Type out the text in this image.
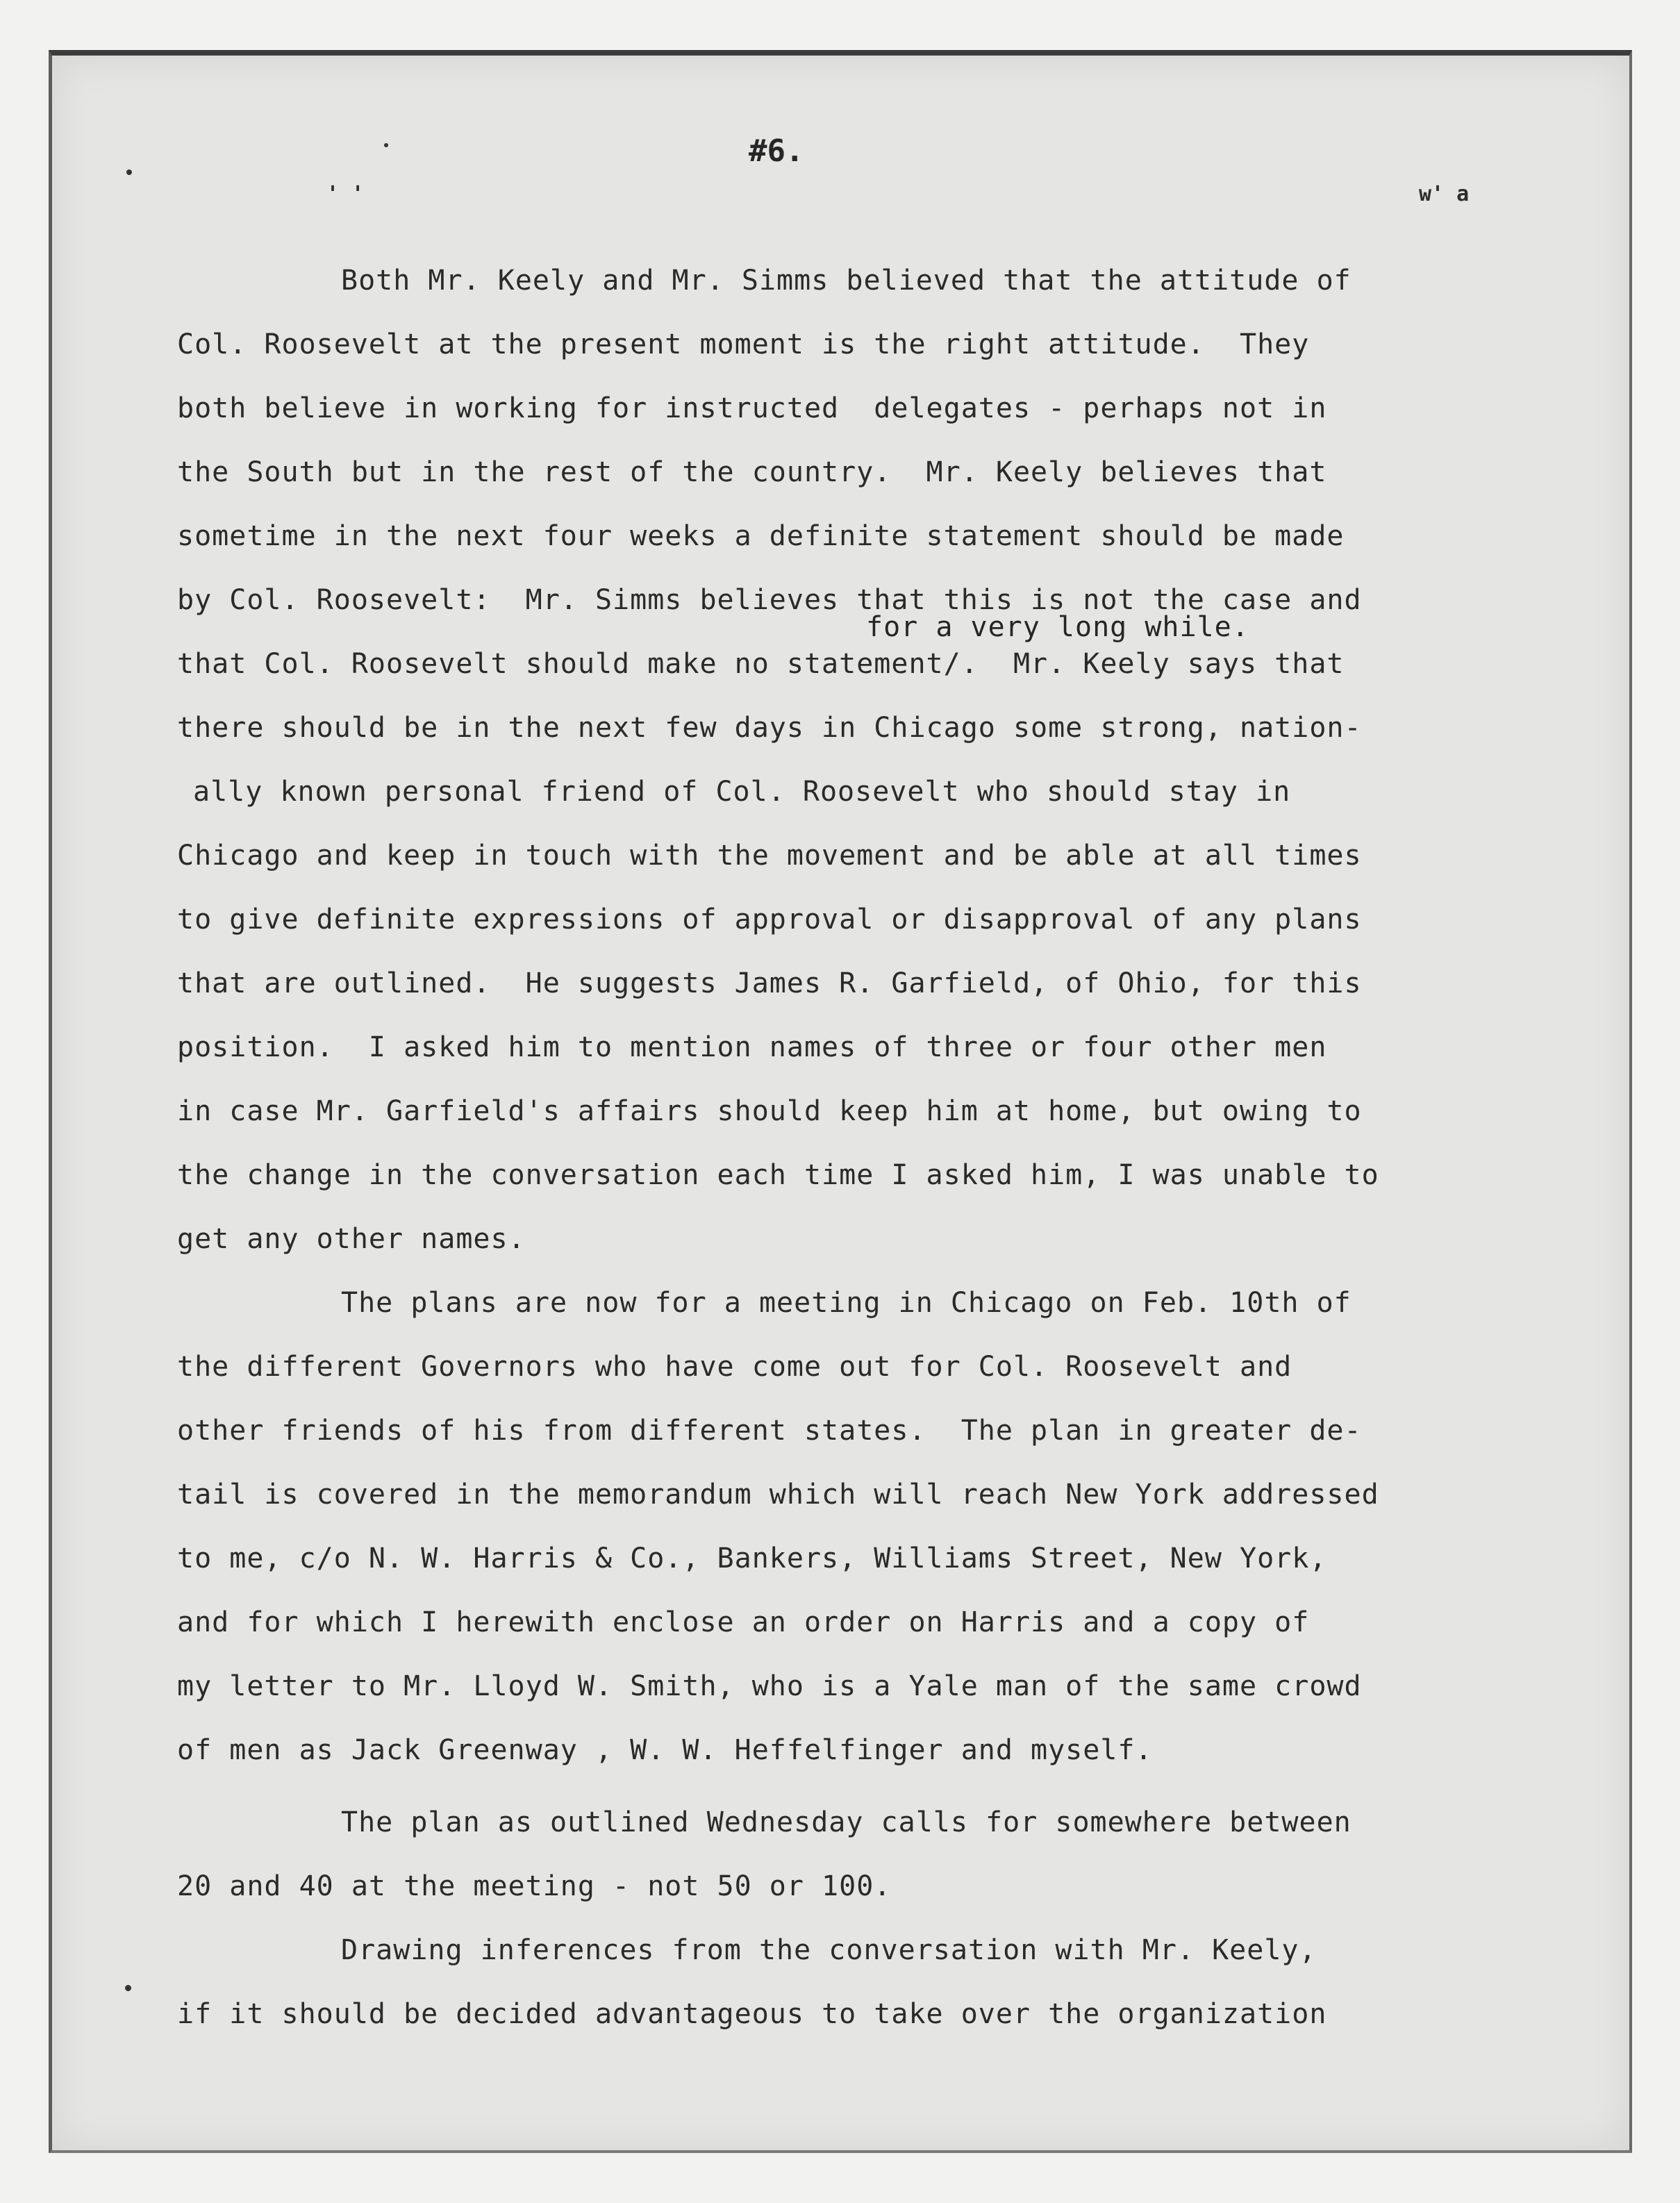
' '	w' a

#6.

for a very long while.

Both Mr. Keely and Mr. Simms believed that the attitude of

Col. Roosevelt at the present moment is the right attitude.  They

both believe in working for instructed  delegates - perhaps not in

the South but in the rest of the country.  Mr. Keely believes that

sometime in the next four weeks a definite statement should be made

by Col. Roosevelt:  Mr. Simms believes that this is not the case and

that Col. Roosevelt should make no statement/.  Mr. Keely says that

there should be in the next few days in Chicago some strong, nation-

ally known personal friend of Col. Roosevelt who should stay in

Chicago and keep in touch with the movement and be able at all times

to give definite expressions of approval or disapproval of any plans

that are outlined.  He suggests James R. Garfield, of Ohio, for this

position.  I asked him to mention names of three or four other men

in case Mr. Garfield's affairs should keep him at home, but owing to

the change in the conversation each time I asked him, I was unable to

get any other names.

The plans are now for a meeting in Chicago on Feb. 10th of

the different Governors who have come out for Col. Roosevelt and

other friends of his from different states.  The plan in greater de-

tail is covered in the memorandum which will reach New York addressed

to me, c/o N. W. Harris & Co., Bankers, Williams Street, New York,

and for which I herewith enclose an order on Harris and a copy of

my letter to Mr. Lloyd W. Smith, who is a Yale man of the same crowd

of men as Jack Greenway , W. W. Heffelfinger and myself.

The plan as outlined Wednesday calls for somewhere between

20 and 40 at the meeting - not 50 or 100.

Drawing inferences from the conversation with Mr. Keely,

if it should be decided advantageous to take over the organization
